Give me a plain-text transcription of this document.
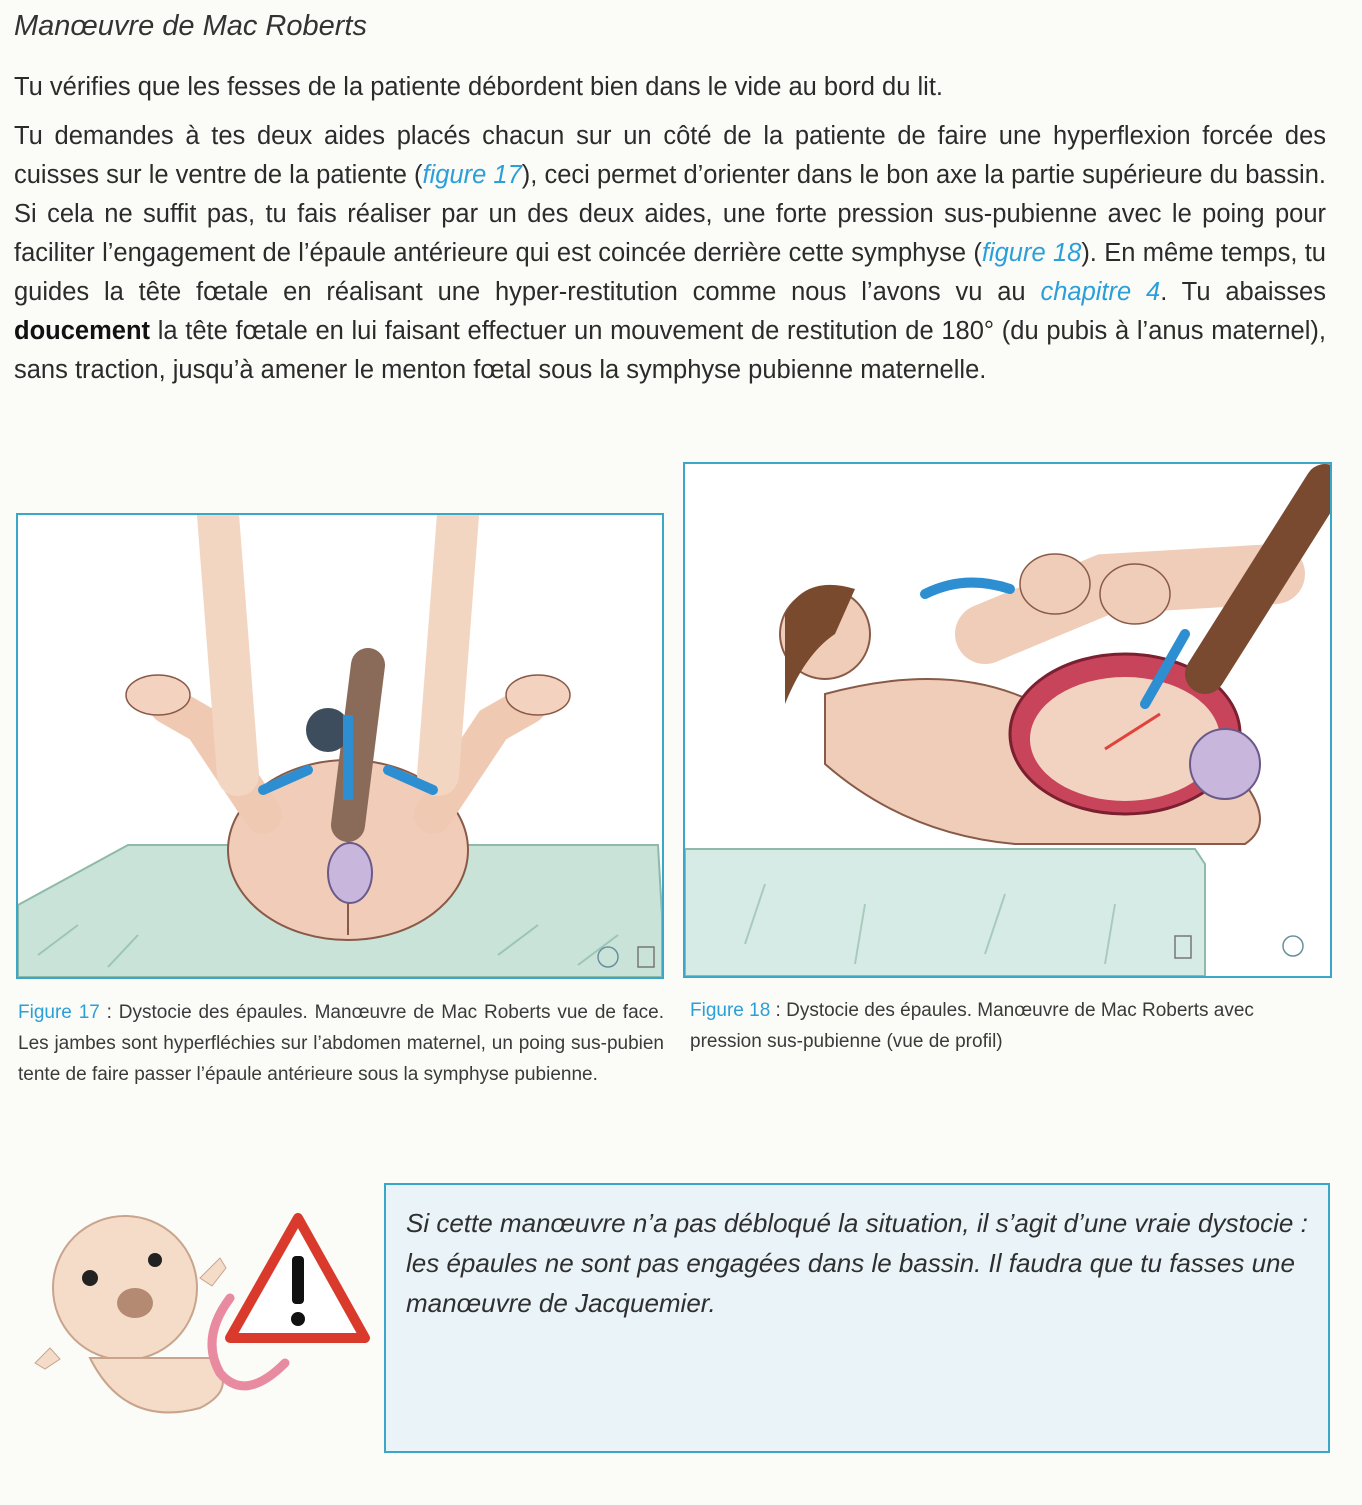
Manœuvre de Mac Roberts

Tu vérifies que les fesses de la patiente débordent bien dans le vide au bord du lit.

Tu demandes à tes deux aides placés chacun sur un côté de la patiente de faire une hyperflexion forcée des cuisses sur le ventre de la patiente (figure 17), ceci permet d’orienter dans le bon axe la partie supérieure du bassin. Si cela ne suffit pas, tu fais réaliser par un des deux aides, une forte pression sus-pubienne avec le poing pour faciliter l’engagement de l’épaule antérieure qui est coincée derrière cette symphyse (figure 18). En même temps, tu guides la tête fœtale en réalisant une hyper-restitution comme nous l’avons vu au chapitre 4. Tu abaisses doucement la tête fœtale en lui faisant effectuer un mouvement de restitution de 180° (du pubis à l’anus maternel), sans traction, jusqu’à amener le menton fœtal sous la symphyse pubienne maternelle.

Figure 17 : Dystocie des épaules. Manœuvre de Mac Roberts vue de face. Les jambes sont hyperfléchies sur l’abdomen maternel, un poing sus-pubien tente de faire passer l’épaule antérieure sous la symphyse pubienne.

Figure 18 : Dystocie des épaules. Manœuvre de Mac Roberts avec pression sus-pubienne (vue de profil)

Si cette manœuvre n’a pas débloqué la situation, il s’agit d’une vraie dystocie : les épaules ne sont pas engagées dans le bassin. Il faudra que tu fasses une manœuvre de Jacquemier.
